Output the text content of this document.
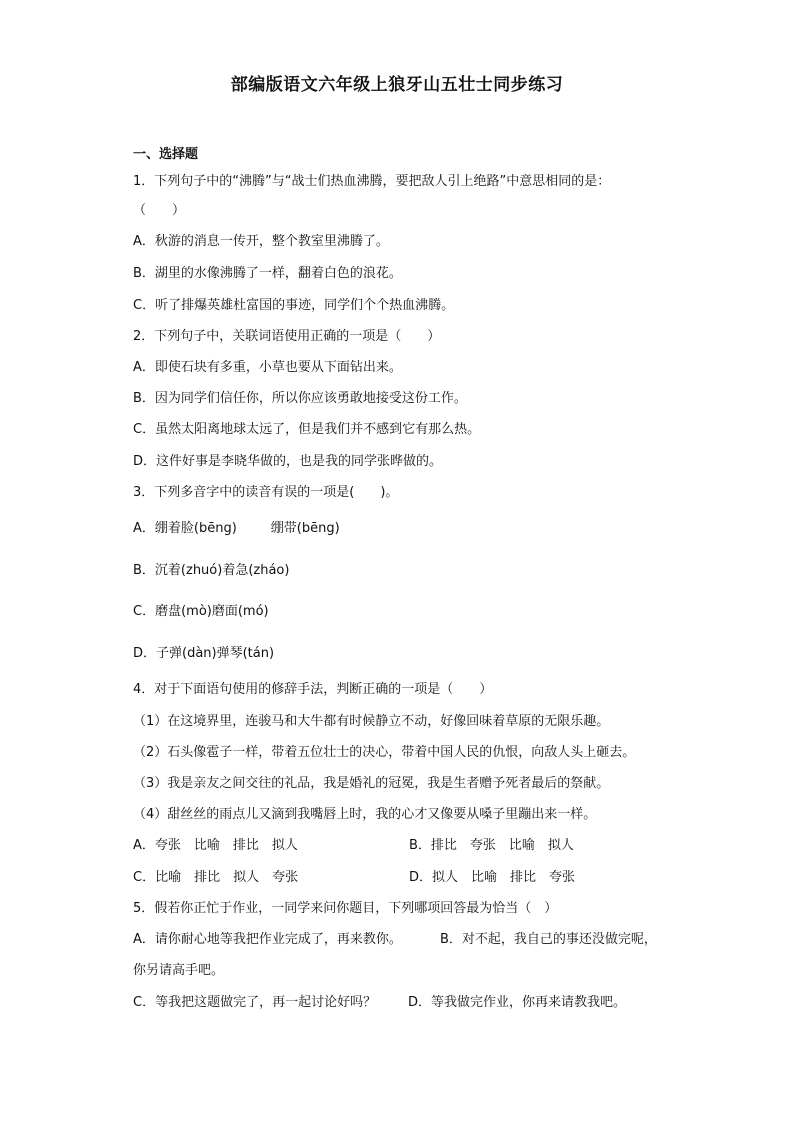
部编版语文六年级上狼牙山五壮士同步练习
一、选择题
1．下列句子中的“沸腾”与“战士们热血沸腾，要把敌人引上绝路”中意思相同的是：
（　　）
A．秋游的消息一传开，整个教室里沸腾了。
B．湖里的水像沸腾了一样，翻着白色的浪花。
C．听了排爆英雄杜富国的事迹，同学们个个热血沸腾。
2．下列句子中，关联词语使用正确的一项是（　　）
A．即使石块有多重，小草也要从下面钻出来。
B．因为同学们信任你，所以你应该勇敢地接受这份工作。
C．虽然太阳离地球太远了，但是我们并不感到它有那么热。
D．这件好事是李晓华做的，也是我的同学张晔做的。
3．下列多音字中的读音有误的一项是(　　)。
A．绷着脸(bēng)	绷带(bēng)
B．沉着(zhuó)着急(zháo)
C．磨盘(mò)磨面(mó)
D．子弹(dàn)弹琴(tán)
4．对于下面语句使用的修辞手法，判断正确的一项是（　　）
（1）在这境界里，连骏马和大牛都有时候静立不动，好像回味着草原的无限乐趣。
（2）石头像雹子一样，带着五位壮士的决心，带着中国人民的仇恨，向敌人头上砸去。
（3）我是亲友之间交往的礼品，我是婚礼的冠冕，我是生者赠予死者最后的祭献。
（4）甜丝丝的雨点儿又滴到我嘴唇上时，我的心才又像要从嗓子里蹦出来一样。
A．夸张　比喻　排比　拟人	B．排比　夸张　比喻　拟人
C．比喻　排比　拟人　夸张	D．拟人　比喻　排比　夸张
5．假若你正忙于作业，一同学来问你题目，下列哪项回答最为恰当（　）
A．请你耐心地等我把作业完成了，再来教你。	B．对不起，我自己的事还没做完呢，
你另请高手吧。
C．等我把这题做完了，再一起讨论好吗？ D．等我做完作业，你再来请教我吧。
